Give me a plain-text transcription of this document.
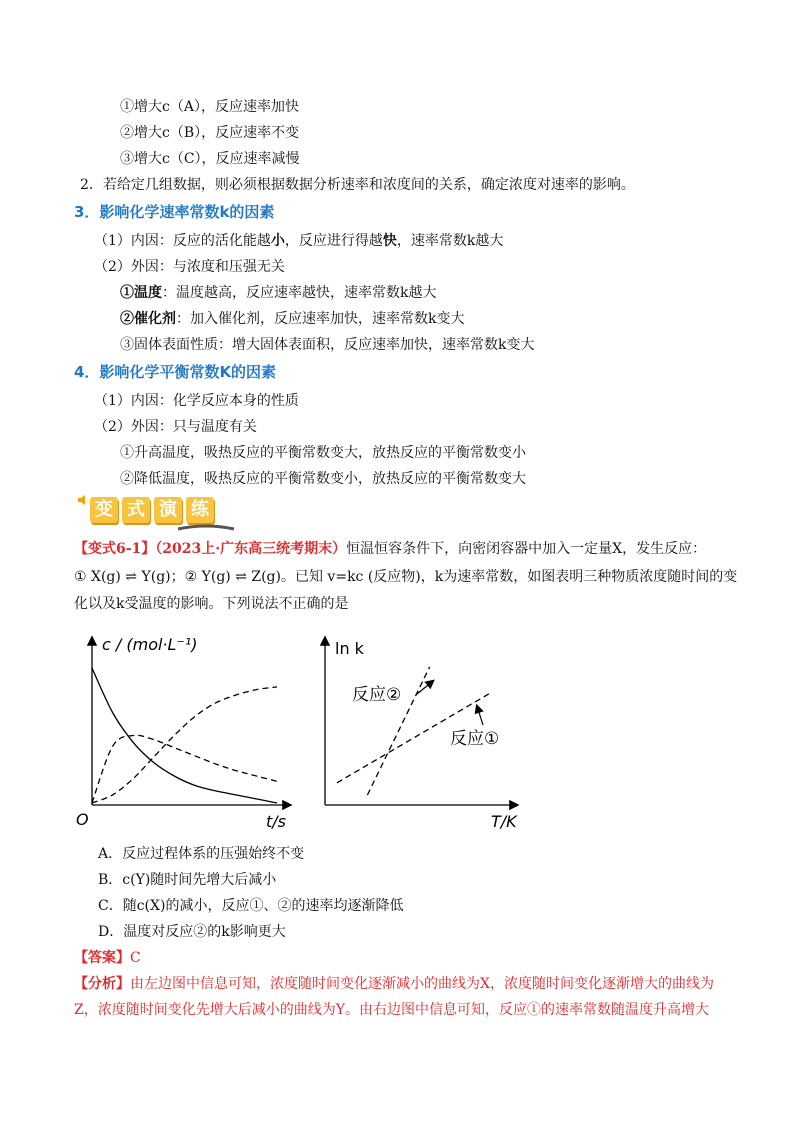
①增大c（A），反应速率加快
②增大c（B），反应速率不变
③增大c（C），反应速率减慢
2．若给定几组数据，则必须根据数据分析速率和浓度间的关系，确定浓度对速率的影响。
3．影响化学速率常数k的因素
（1）内因：反应的活化能越小，反应进行得越快，速率常数k越大
（2）外因：与浓度和压强无关
①温度：温度越高，反应速率越快，速率常数k越大
②催化剂：加入催化剂，反应速率加快，速率常数k变大
③固体表面性质：增大固体表面积，反应速率加快，速率常数k变大
4．影响化学平衡常数K的因素
（1）内因：化学反应本身的性质
（2）外因：只与温度有关
①升高温度，吸热反应的平衡常数变大，放热反应的平衡常数变小
②降低温度，吸热反应的平衡常数变小，放热反应的平衡常数变大
变 式 演 练
【变式6-1】（2023上·广东高三统考期末）恒温恒容条件下，向密闭容器中加入一定量X，发生反应：
① X(g) ⇌ Y(g)；② Y(g) ⇌ Z(g)。已知 v=kc (反应物)，k为速率常数，如图表明三种物质浓度随时间的变
化以及k受温度的影响。下列说法不正确的是
c / (mol·L⁻¹)
t/s
O
ln k
T/K
反应②
反应①
A．反应过程体系的压强始终不变
B．c(Y)随时间先增大后减小
C．随c(X)的减小，反应①、②的速率均逐渐降低
D．温度对反应②的k影响更大
【答案】C
【分析】由左边图中信息可知，浓度随时间变化逐渐减小的曲线为X，浓度随时间变化逐渐增大的曲线为
Z，浓度随时间变化先增大后减小的曲线为Y。由右边图中信息可知，反应①的速率常数随温度升高增大
